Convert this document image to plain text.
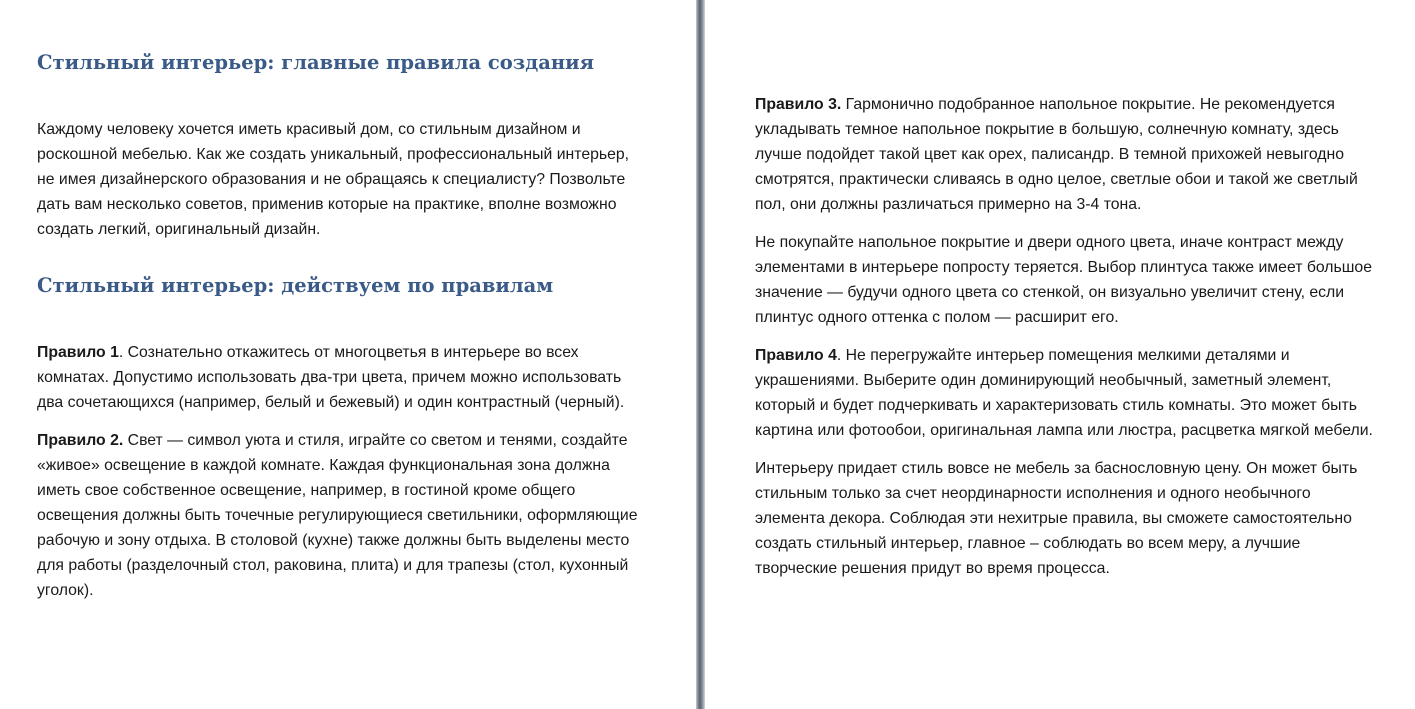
Стильный интерьер: главные правила создания

Каждому человеку хочется иметь красивый дом, со стильным дизайном и роскошной мебелью. Как же создать уникальный, профессиональный интерьер, не имея дизайнерского образования и не обращаясь к специалисту? Позвольте дать вам несколько советов, применив которые на практике, вполне возможно создать легкий, оригинальный дизайн.

Стильный интерьер: действуем по правилам

Правило 1. Сознательно откажитесь от многоцветья в интерьере во всех комнатах. Допустимо использовать два-три цвета, причем можно использовать два сочетающихся (например, белый и бежевый) и один контрастный (черный).

Правило 2. Свет — символ уюта и стиля, играйте со светом и тенями, создайте «живое» освещение в каждой комнате. Каждая функциональная зона должна иметь свое собственное освещение, например, в гостиной кроме общего освещения должны быть точечные регулирующиеся светильники, оформляющие рабочую и зону отдыха. В столовой (кухне) также должны быть выделены место для работы (разделочный стол, раковина, плита) и для трапезы (стол, кухонный уголок).

Правило 3. Гармонично подобранное напольное покрытие. Не рекомендуется укладывать темное напольное покрытие в большую, солнечную комнату, здесь лучше подойдет такой цвет как орех, палисандр. В темной прихожей невыгодно смотрятся, практически сливаясь в одно целое, светлые обои и такой же светлый пол, они должны различаться примерно на 3-4 тона.

Не покупайте напольное покрытие и двери одного цвета, иначе контраст между элементами в интерьере попросту теряется. Выбор плинтуса также имеет большое значение — будучи одного цвета со стенкой, он визуально увеличит стену, если плинтус одного оттенка с полом — расширит его.

Правило 4. Не перегружайте интерьер помещения мелкими деталями и украшениями. Выберите один доминирующий необычный, заметный элемент, который и будет подчеркивать и характеризовать стиль комнаты. Это может быть картина или фотообои, оригинальная лампа или люстра, расцветка мягкой мебели.

Интерьеру придает стиль вовсе не мебель за баснословную цену. Он может быть стильным только за счет неординарности исполнения и одного необычного элемента декора. Соблюдая эти нехитрые правила, вы сможете самостоятельно создать стильный интерьер, главное – соблюдать во всем меру, а лучшие творческие решения придут во время процесса.
